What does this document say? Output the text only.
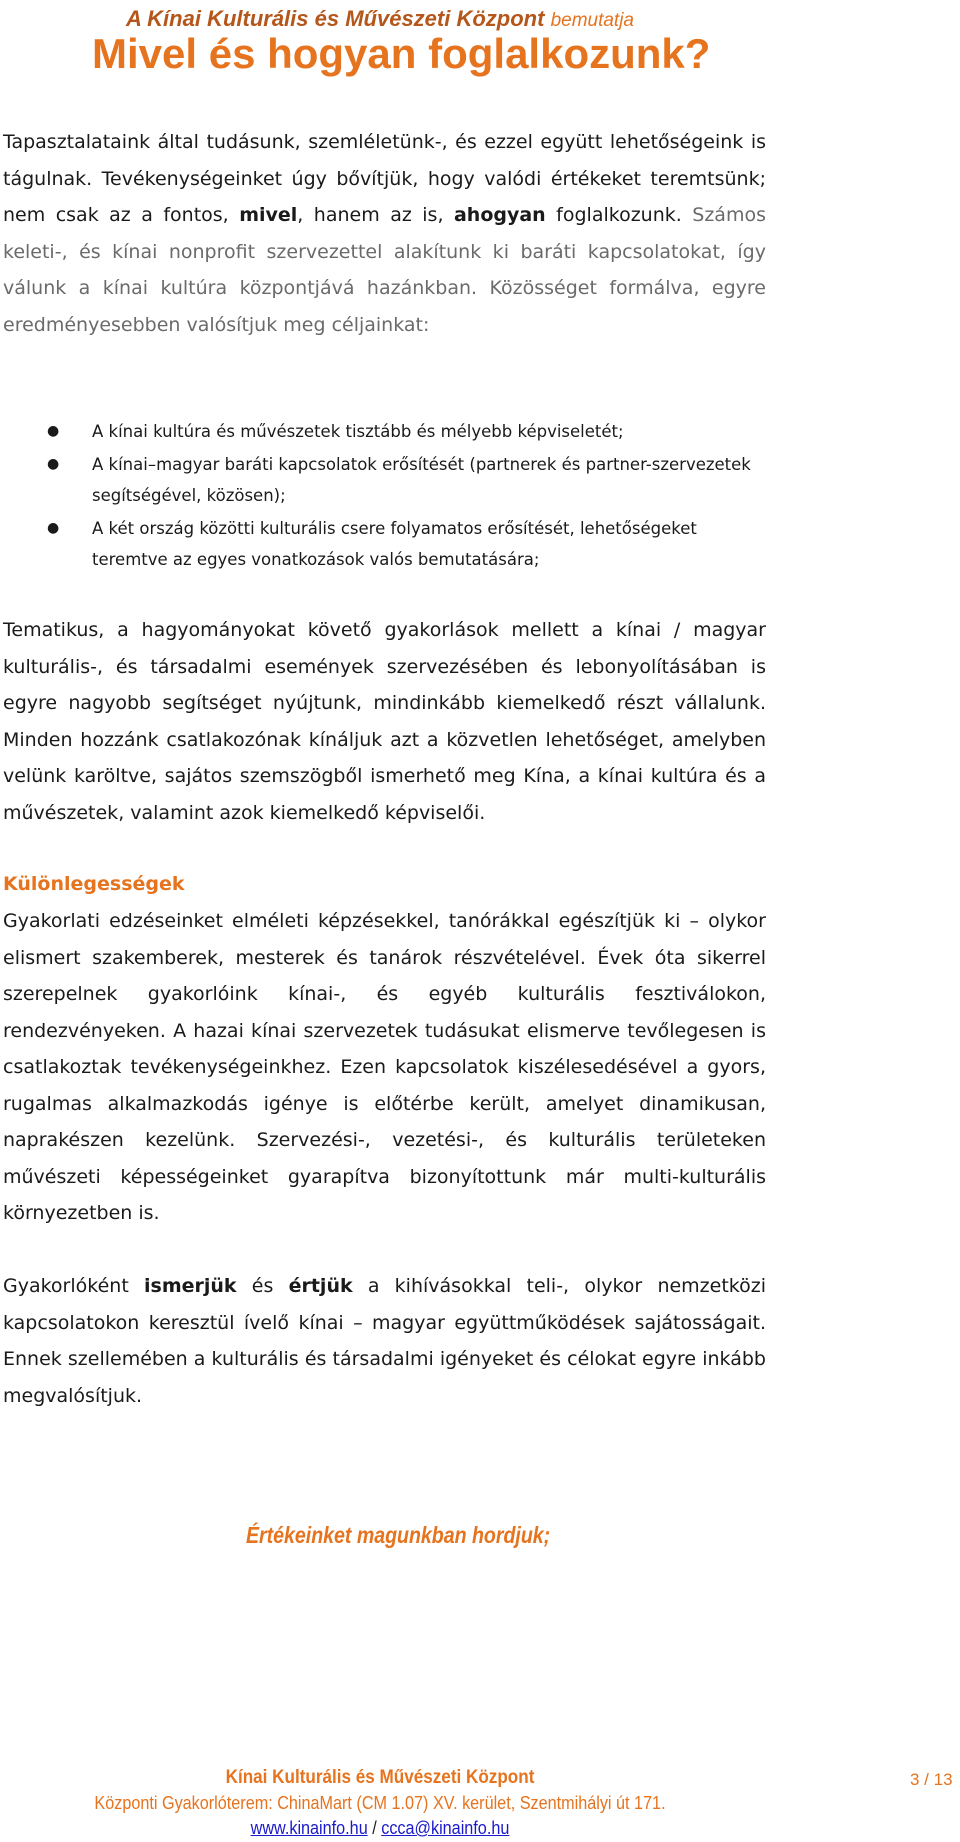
A Kínai Kulturális és Művészeti Központ bemutatja
Mivel és hogyan foglalkozunk?

Tapasztalataink által tudásunk, szemléletünk-, és ezzel együtt lehetőségeink is tágulnak. Tevékenységeinket úgy bővítjük, hogy valódi értékeket teremtsünk; nem csak az a fontos, mivel, hanem az is, ahogyan foglalkozunk. Számos keleti-, és kínai nonprofit szervezettel alakítunk ki baráti kapcsolatokat, így válunk a kínai kultúra központjává hazánkban. Közösséget formálva, egyre eredményesebben valósítjuk meg céljainkat:

● A kínai kultúra és művészetek tisztább és mélyebb képviseletét;
● A kínai–magyar baráti kapcsolatok erősítését (partnerek és partner-szervezetek segítségével, közösen);
● A két ország közötti kulturális csere folyamatos erősítését, lehetőségeket teremtve az egyes vonatkozások valós bemutatására;

Tematikus, a hagyományokat követő gyakorlások mellett a kínai / magyar kulturális-, és társadalmi események szervezésében és lebonyolításában is egyre nagyobb segítséget nyújtunk, mindinkább kiemelkedő részt vállalunk. Minden hozzánk csatlakozónak kínáljuk azt a közvetlen lehetőséget, amelyben velünk karöltve, sajátos szemszögből ismerhető meg Kína, a kínai kultúra és a művészetek, valamint azok kiemelkedő képviselői.

Különlegességek

Gyakorlati edzéseinket elméleti képzésekkel, tanórákkal egészítjük ki – olykor elismert szakemberek, mesterek és tanárok részvételével. Évek óta sikerrel szerepelnek gyakorlóink kínai-, és egyéb kulturális fesztiválokon, rendezvényeken. A hazai kínai szervezetek tudásukat elismerve tevőlegesen is csatlakoztak tevékenységeinkhez. Ezen kapcsolatok kiszélesedésével a gyors, rugalmas alkalmazkodás igénye is előtérbe került, amelyet dinamikusan, naprakészen kezelünk. Szervezési-, vezetési-, és kulturális területeken művészeti képességeinket gyarapítva bizonyítottunk már multi-kulturális környezetben is.

Gyakorlóként ismerjük és értjük a kihívásokkal teli-, olykor nemzetközi kapcsolatokon keresztül ívelő kínai – magyar együttműködések sajátosságait. Ennek szellemében a kulturális és társadalmi igényeket és célokat egyre inkább megvalósítjuk.

Értékeinket magunkban hordjuk;
Kínai Kulturális és Művészeti Központ
Központi Gyakorlóterem: ChinaMart (CM 1.07) XV. kerület, Szentmihályi út 171.
www.kinainfo.hu / ccca@kinainfo.hu
3 / 13
